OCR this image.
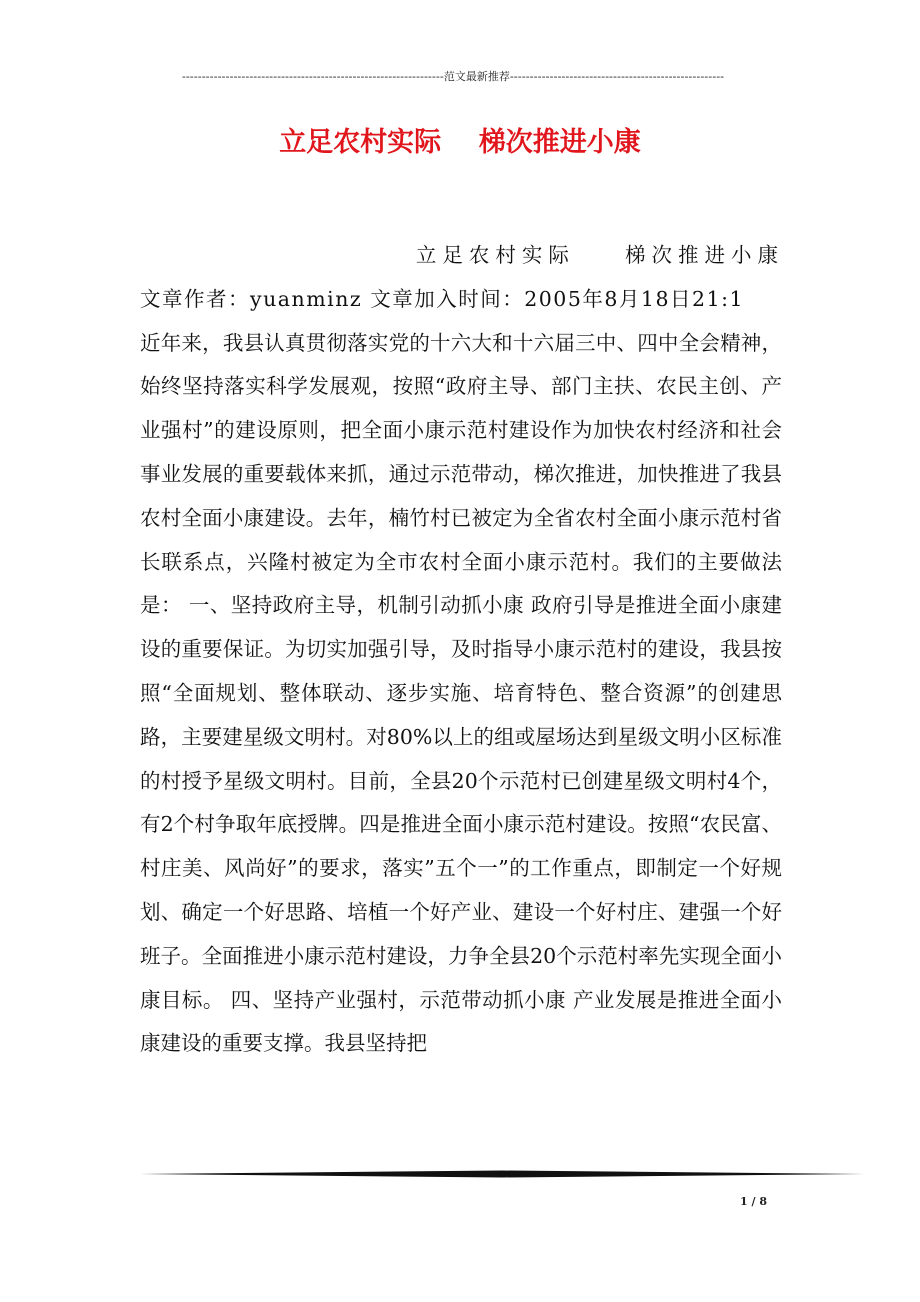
------------------------------------------------------------------范文最新推荐------------------------------------------------------
立足农村实际    梯次推进小康
立足农村实际    梯次推进小康
文章作者：yuanminz 文章加入时间：2005年8月18日21:1
近年来，我县认真贯彻落实党的十六大和十六届三中、四中全会精神，始终坚持落实科学发展观，按照“政府主导、部门主扶、农民主创、产业强村”的建设原则，把全面小康示范村建设作为加快农村经济和社会事业发展的重要载体来抓，通过示范带动，梯次推进，加快推进了我县农村全面小康建设。去年，楠竹村已被定为全省农村全面小康示范村省长联系点，兴隆村被定为全市农村全面小康示范村。我们的主要做法是： 一、坚持政府主导，机制引动抓小康 政府引导是推进全面小康建设的重要保证。为切实加强引导，及时指导小康示范村的建设，我县按照“全面规划、整体联动、逐步实施、培育特色、整合资源”的创建思路，主要建星级文明村。对80%以上的组或屋场达到星级文明小区标准的村授予星级文明村。目前，全县20个示范村已创建星级文明村4个，有2个村争取年底授牌。四是推进全面小康示范村建设。按照“农民富、村庄美、风尚好”的要求，落实”五个一”的工作重点，即制定一个好规划、确定一个好思路、培植一个好产业、建设一个好村庄、建强一个好班子。全面推进小康示范村建设，力争全县20个示范村率先实现全面小康目标。 四、坚持产业强村，示范带动抓小康 产业发展是推进全面小康建设的重要支撑。我县坚持把
1 / 8
